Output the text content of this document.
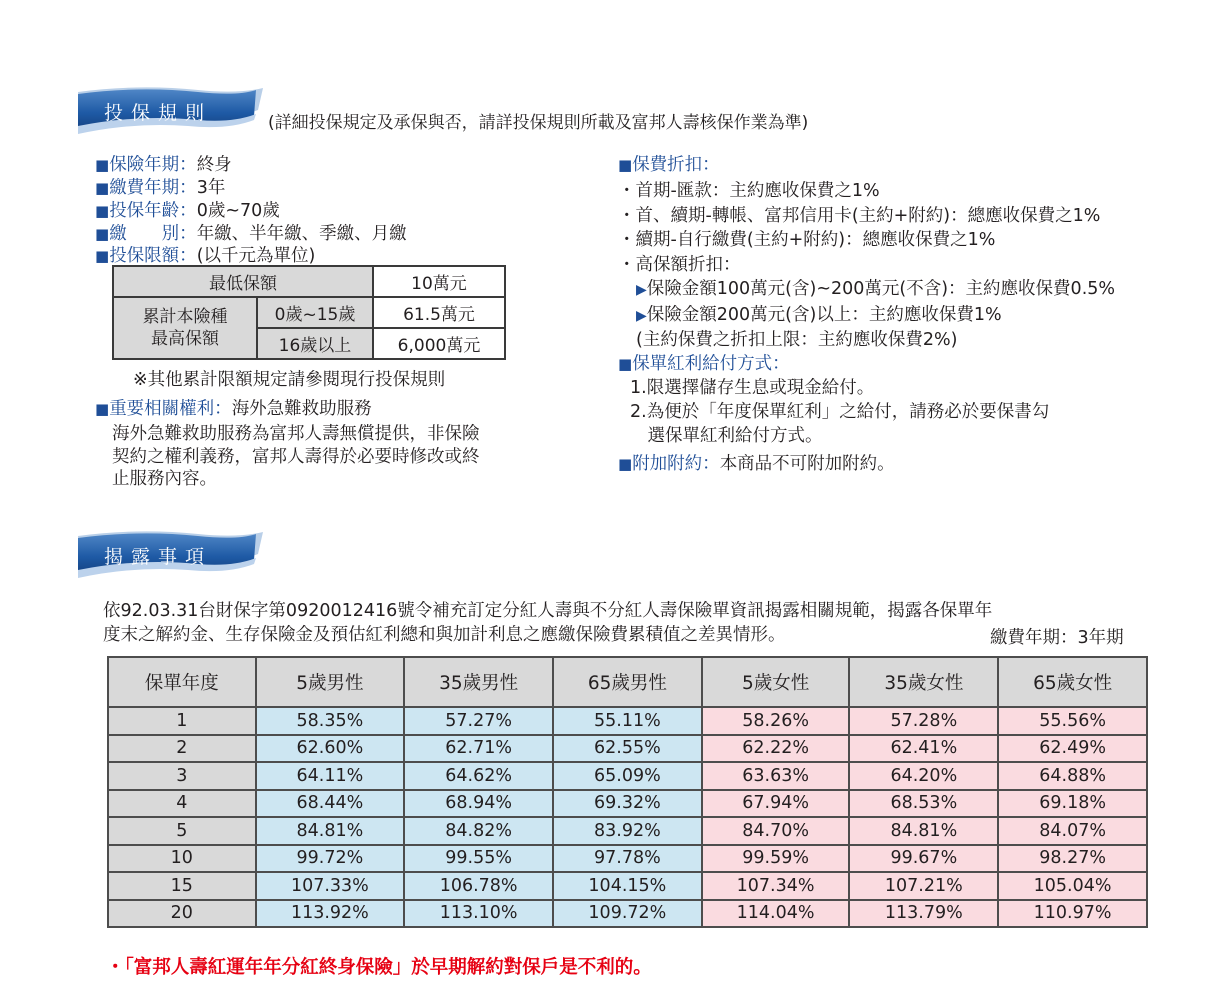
投保規則	(詳細投保規定及承保與否，請詳投保規則所載及富邦人壽核保作業為準)
■保險年期：終身
■繳費年期：3年
■投保年齡：0歲~70歲
■繳　　別：年繳、半年繳、季繳、月繳
■投保限額：(以千元為單位)
最低保額		10萬元

累計本險種
最高保額	0歲~15歲	61.5萬元
	16歲以上	6,000萬元
※其他累計限額規定請參閱現行投保規則
■重要相關權利：海外急難救助服務
海外急難救助服務為富邦人壽無償提供，非保險
契約之權利義務，富邦人壽得於必要時修改或終
止服務內容。
■保費折扣：
・首期-匯款：主約應收保費之1%
・首、續期-轉帳、富邦信用卡(主約+附約)：總應收保費之1%
・續期-自行繳費(主約+附約)：總應收保費之1%
・高保額折扣：
▶保險金額100萬元(含)~200萬元(不含)：主約應收保費0.5%
▶保險金額200萬元(含)以上：主約應收保費1%
(主約保費之折扣上限：主約應收保費2%)
■保單紅利給付方式：
1.限選擇儲存生息或現金給付。
2.為便於「年度保單紅利」之給付，請務必於要保書勾
　選保單紅利給付方式。
■附加附約：本商品不可附加附約。
揭露事項
依92.03.31台財保字第0920012416號令補充訂定分紅人壽與不分紅人壽保險單資訊揭露相關規範，揭露各保單年
度末之解約金、生存保險金及預估紅利總和與加計利息之應繳保險費累積值之差異情形。	繳費年期：3年期
保單年度	5歲男性	35歲男性	65歲男性	5歲女性	35歲女性	65歲女性
1	58.35%	57.27%	55.11%	58.26%	57.28%	55.56%
2	62.60%	62.71%	62.55%	62.22%	62.41%	62.49%
3	64.11%	64.62%	65.09%	63.63%	64.20%	64.88%
4	68.44%	68.94%	69.32%	67.94%	68.53%	69.18%
5	84.81%	84.82%	83.92%	84.70%	84.81%	84.07%
10	99.72%	99.55%	97.78%	99.59%	99.67%	98.27%
15	107.33%	106.78%	104.15%	107.34%	107.21%	105.04%
20	113.92%	113.10%	109.72%	114.04%	113.79%	110.97%
・「富邦人壽紅運年年分紅終身保險」於早期解約對保戶是不利的。
